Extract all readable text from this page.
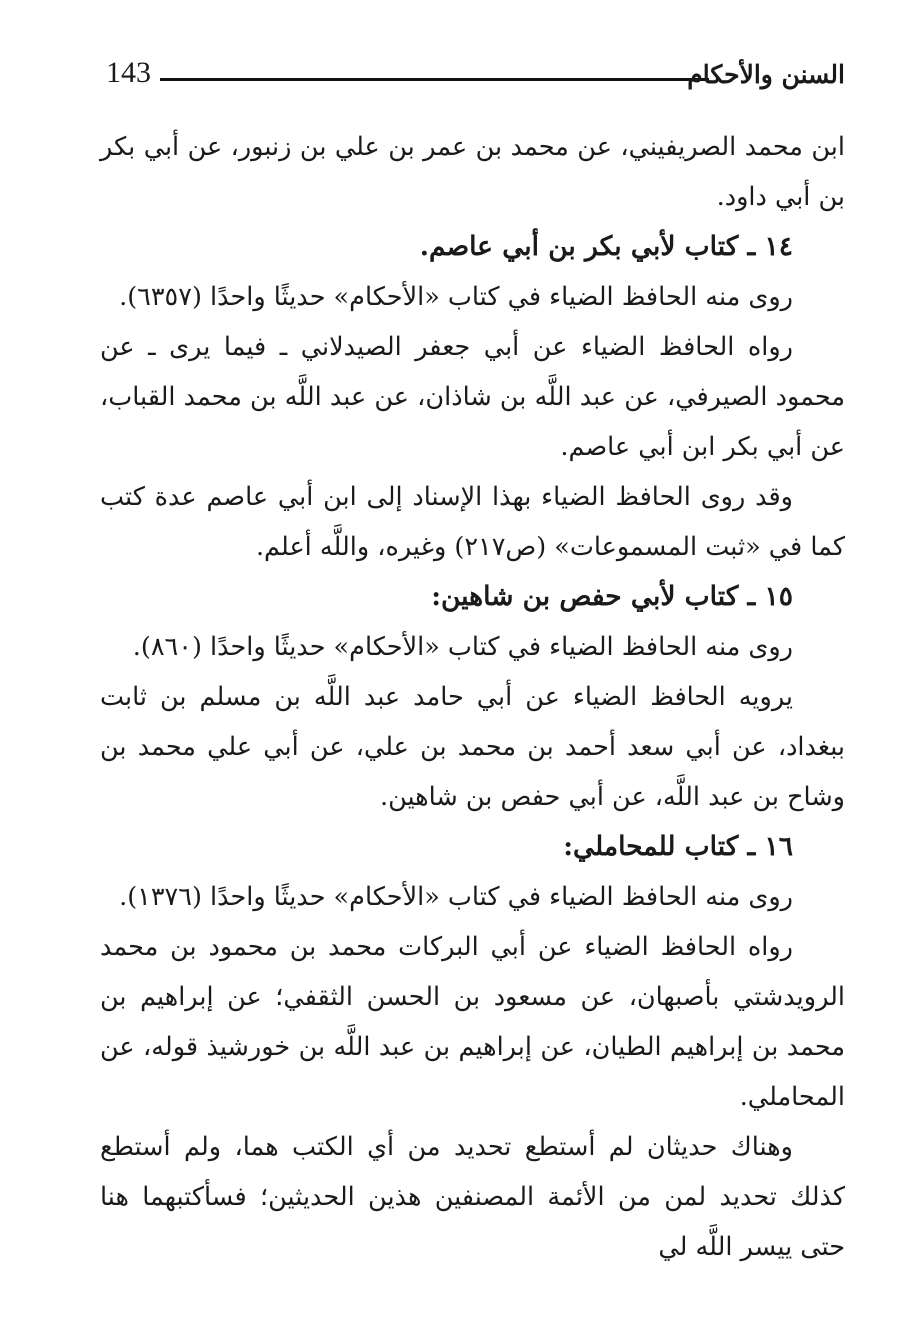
143	السنن والأحكام

ابن محمد الصريفيني، عن محمد بن عمر بن علي بن زنبور، عن أبي بكر بن أبي داود.

١٤ ـ كتاب لأبي بكر بن أبي عاصم.

روى منه الحافظ الضياء في كتاب «الأحكام» حديثًا واحدًا (٦٣٥٧).

رواه الحافظ الضياء عن أبي جعفر الصيدلاني ـ فيما يرى ـ عن محمود الصيرفي، عن عبد اللَّه بن شاذان، عن عبد اللَّه بن محمد القباب، عن أبي بكر ابن أبي عاصم.

وقد روى الحافظ الضياء بهذا الإسناد إلى ابن أبي عاصم عدة كتب كما في «ثبت المسموعات» (ص٢١٧) وغيره، واللَّه أعلم.

١٥ ـ كتاب لأبي حفص بن شاهين:

روى منه الحافظ الضياء في كتاب «الأحكام» حديثًا واحدًا (٨٦٠).

يرويه الحافظ الضياء عن أبي حامد عبد اللَّه بن مسلم بن ثابت ببغداد، عن أبي سعد أحمد بن محمد بن علي، عن أبي علي محمد بن وشاح بن عبد اللَّه، عن أبي حفص بن شاهين.

١٦ ـ كتاب للمحاملي:

روى منه الحافظ الضياء في كتاب «الأحكام» حديثًا واحدًا (١٣٧٦).

رواه الحافظ الضياء عن أبي البركات محمد بن محمود بن محمد الرويدشتي بأصبهان، عن مسعود بن الحسن الثقفي؛ عن إبراهيم بن محمد بن إبراهيم الطيان، عن إبراهيم بن عبد اللَّه بن خورشيذ قوله، عن المحاملي.

وهناك حديثان لم أستطع تحديد من أي الكتب هما، ولم أستطع كذلك تحديد لمن من الأئمة المصنفين هذين الحديثين؛ فسأكتبهما هنا حتى ييسر اللَّه لي
